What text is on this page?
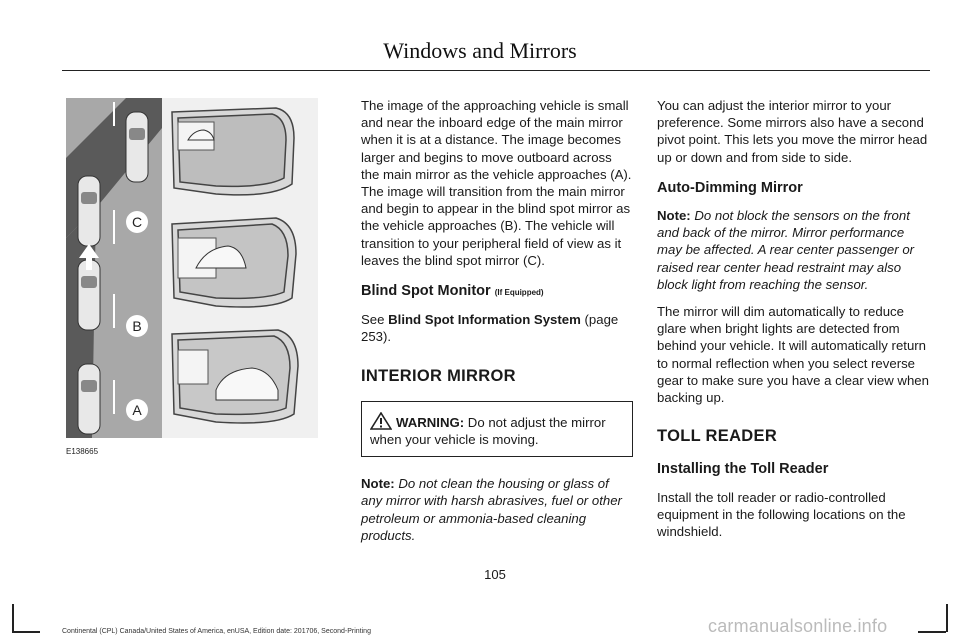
Windows and Mirrors
C
B
A
E138665

The image of the approaching vehicle is small and near the inboard edge of the main mirror when it is at a distance. The image becomes larger and begins to move outboard across the main mirror as the vehicle approaches (A). The image will transition from the main mirror and begin to appear in the blind spot mirror as the vehicle approaches (B). The vehicle will transition to your peripheral field of view as it leaves the blind spot mirror (C).

Blind Spot Monitor (If Equipped)

See Blind Spot Information System (page 253).

INTERIOR MIRROR
WARNING: Do not adjust the mirror when your vehicle is moving.

Note: Do not clean the housing or glass of any mirror with harsh abrasives, fuel or other petroleum or ammonia-based cleaning products.

You can adjust the interior mirror to your preference. Some mirrors also have a second pivot point. This lets you move the mirror head up or down and from side to side.

Auto-Dimming Mirror

Note: Do not block the sensors on the front and back of the mirror. Mirror performance may be affected. A rear center passenger or raised rear center head restraint may also block light from reaching the sensor.

The mirror will dim automatically to reduce glare when bright lights are detected from behind your vehicle. It will automatically return to normal reflection when you select reverse gear to make sure you have a clear view when backing up.

TOLL READER
Installing the Toll Reader

Install the toll reader or radio-controlled equipment in the following locations on the windshield.

105
Continental (CPL) Canada/United States of America, enUSA, Edition date: 201706, Second-Printing	carmanualsonline.info
